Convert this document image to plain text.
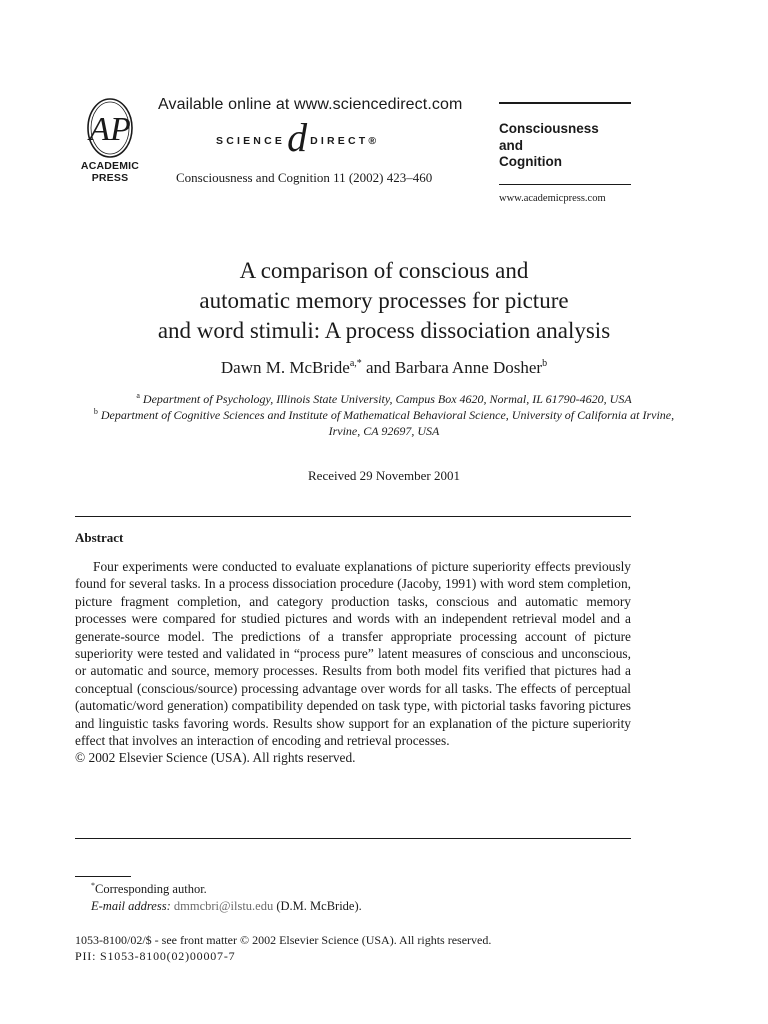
AP
ACADEMIC
PRESS
Available online at www.sciencedirect.com
SCIENCE d DIRECT®
Consciousness and Cognition 11 (2002) 423–460
Consciousness
and
Cognition
www.academicpress.com
A comparison of conscious and
automatic memory processes for picture
and word stimuli: A process dissociation analysis
Dawn M. McBride$^{a,*}$ and Barbara Anne Dosher$^b$
$^a$ Department of Psychology, Illinois State University, Campus Box 4620, Normal, IL 61790-4620, USA
$^b$ Department of Cognitive Sciences and Institute of Mathematical Behavioral Science, University of California at Irvine, Irvine, CA 92697, USA
Received 29 November 2001
Abstract
Four experiments were conducted to evaluate explanations of picture superiority effects previously found for several tasks. In a process dissociation procedure (Jacoby, 1991) with word stem completion, picture fragment completion, and category production tasks, conscious and automatic memory processes were compared for studied pictures and words with an independent retrieval model and a generate-source model. The predictions of a transfer appropriate processing account of picture superiority were tested and validated in “process pure” latent measures of conscious and unconscious, or automatic and source, memory processes. Results from both model fits verified that pictures had a conceptual (conscious/source) processing advantage over words for all tasks. The effects of perceptual (automatic/word generation) compatibility depended on task type, with pictorial tasks favoring pictures and linguistic tasks favoring words. Results show support for an explanation of the picture superiority effect that involves an interaction of encoding and retrieval processes.
© 2002 Elsevier Science (USA). All rights reserved.
*Corresponding author.
E-mail address: dmmcbri@ilstu.edu (D.M. McBride).
1053-8100/02/$ - see front matter © 2002 Elsevier Science (USA). All rights reserved.
PII: S1053-8100(02)00007-7
